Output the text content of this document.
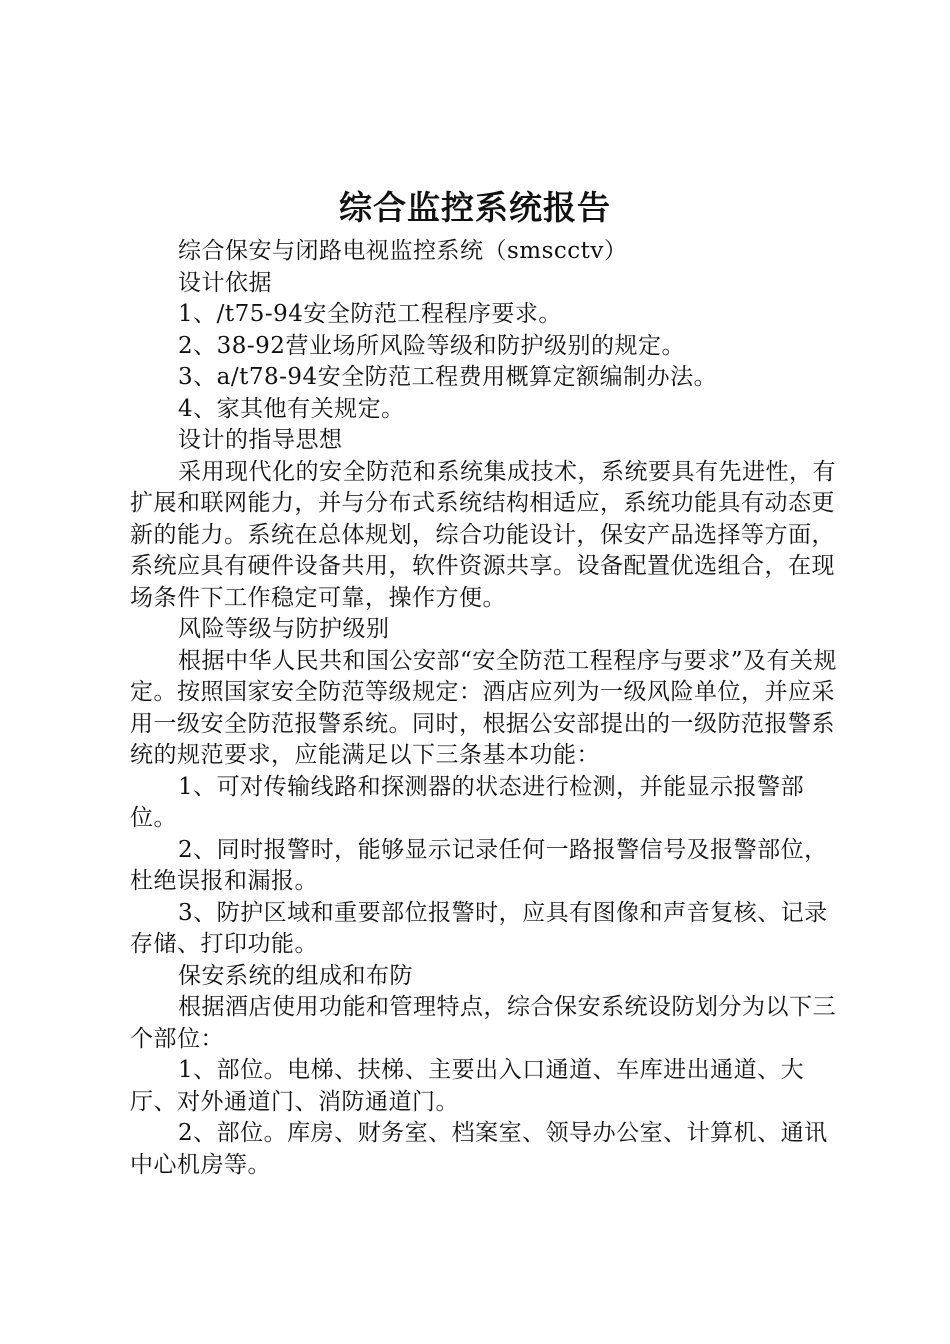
综合监控系统报告

综合保安与闭路电视监控系统（smscctv）

设计依据

1、/t75-94安全防范工程程序要求。

2、38-92营业场所风险等级和防护级别的规定。

3、a/t78-94安全防范工程费用概算定额编制办法。

4、家其他有关规定。

设计的指导思想

采用现代化的安全防范和系统集成技术，系统要具有先进性，有扩展和联网能力，并与分布式系统结构相适应，系统功能具有动态更新的能力。系统在总体规划，综合功能设计，保安产品选择等方面，系统应具有硬件设备共用，软件资源共享。设备配置优选组合，在现场条件下工作稳定可靠，操作方便。

风险等级与防护级别

根据中华人民共和国公安部“安全防范工程程序与要求”及有关规定。按照国家安全防范等级规定：酒店应列为一级风险单位，并应采用一级安全防范报警系统。同时，根据公安部提出的一级防范报警系统的规范要求，应能满足以下三条基本功能：

1、可对传输线路和探测器的状态进行检测，并能显示报警部位。

2、同时报警时，能够显示记录任何一路报警信号及报警部位，杜绝误报和漏报。

3、防护区域和重要部位报警时，应具有图像和声音复核、记录存储、打印功能。

保安系统的组成和布防

根据酒店使用功能和管理特点，综合保安系统设防划分为以下三个部位：

1、部位。电梯、扶梯、主要出入口通道、车库进出通道、大厅、对外通道门、消防通道门。

2、部位。库房、财务室、档案室、领导办公室、计算机、通讯中心机房等。
